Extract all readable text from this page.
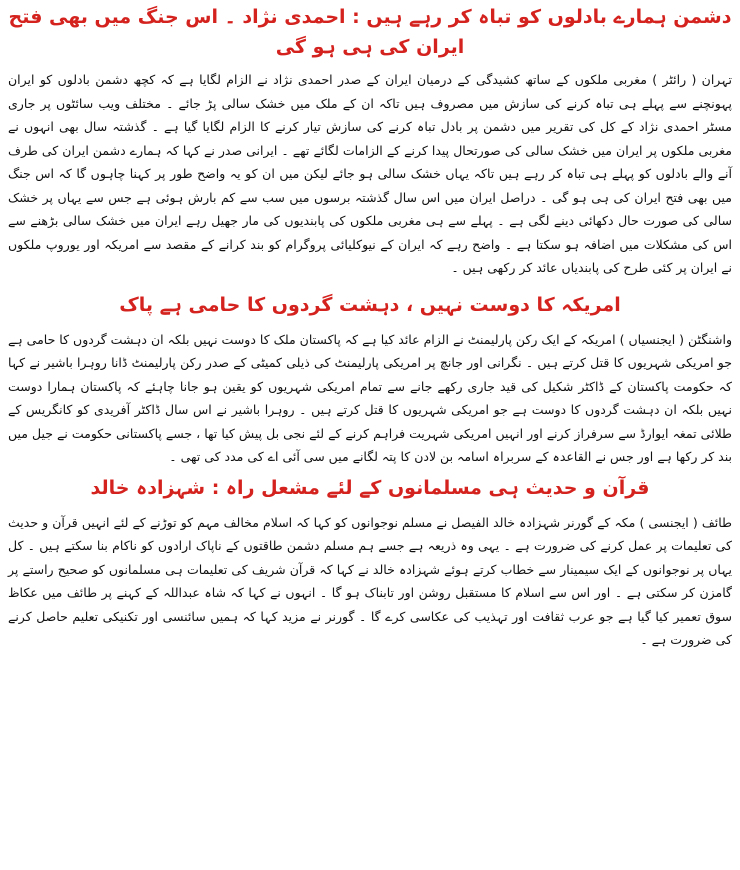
دشمن ہمارے بادلوں کو تباہ کر رہے ہیں : احمدی نژاد ۔ اس جنگ میں بھی فتح ایران کی ہی ہو گی

تہران ( رائٹر ) مغربی ملکوں کے ساتھ کشیدگی کے درمیان ایران کے صدر احمدی نژاد نے الزام لگایا ہے کہ کچھ دشمن بادلوں کو ایران پہونچنے سے پہلے ہی تباہ کرنے کی سازش میں مصروف ہیں تاکہ ان کے ملک میں خشک سالی پڑ جائے ۔ مختلف ویب سائٹوں پر جاری مسٹر احمدی نژاد کے کل کی تقریر میں دشمن پر بادل تباہ کرنے کی سازش تیار کرنے کا الزام لگایا گیا ہے ۔ گذشتہ سال بھی انہوں نے مغربی ملکوں پر ایران میں خشک سالی کی صورتحال پیدا کرنے کے الزامات لگائے تھے ۔ ایرانی صدر نے کہا کہ ہمارے دشمن ایران کی طرف آنے والے بادلوں کو پہلے ہی تباہ کر رہے ہیں تاکہ یہاں خشک سالی ہو جائے لیکن میں ان کو یہ واضح طور پر کہنا چاہوں گا کہ اس جنگ میں بھی فتح ایران کی ہی ہو گی ۔ دراصل ایران میں اس سال گذشتہ برسوں میں سب سے کم بارش ہوئی ہے جس سے یہاں پر خشک سالی کی صورت حال دکھائی دینے لگی ہے ۔ پہلے سے ہی مغربی ملکوں کی پابندیوں کی مار جھیل رہے ایران میں خشک سالی بڑھنے سے اس کی مشکلات میں اضافہ ہو سکتا ہے ۔ واضح رہے کہ ایران کے نیوکلیائی پروگرام کو بند کرانے کے مقصد سے امریکہ اور یوروپ ملکوں نے ایران پر کئی طرح کی پابندیاں عائد کر رکھی ہیں ۔

امریکہ کا دوست نہیں ، دہشت گردوں کا حامی ہے پاک

واشنگٹن ( ایجنسیاں ) امریکہ کے ایک رکن پارلیمنٹ نے الزام عائد کیا ہے کہ پاکستان ملک کا دوست نہیں بلکہ ان دہشت گردوں کا حامی ہے جو امریکی شہریوں کا قتل کرتے ہیں ۔ نگرانی اور جانچ پر امریکی پارلیمنٹ کی ذیلی کمیٹی کے صدر رکن پارلیمنٹ ڈانا روہرا باشیر نے کہا کہ حکومت پاکستان کے ڈاکٹر شکیل کی قید جاری رکھے جانے سے تمام امریکی شہریوں کو یقین ہو جانا چاہئے کہ پاکستان ہمارا دوست نہیں بلکہ ان دہشت گردوں کا دوست ہے جو امریکی شہریوں کا قتل کرتے ہیں ۔ روہرا باشیر نے اس سال ڈاکٹر آفریدی کو کانگریس کے طلائی تمغہ ایوارڈ سے سرفراز کرنے اور انہیں امریکی شہریت فراہم کرنے کے لئے نجی بل پیش کیا تھا ، جسے پاکستانی حکومت نے جیل میں بند کر رکھا ہے اور جس نے القاعدہ کے سربراہ اسامہ بن لادن کا پتہ لگانے میں سی آئی اے کی مدد کی تھی ۔

قرآن و حدیث ہی مسلمانوں کے لئے مشعل راہ : شہزادہ خالد

طائف ( ایجنسی ) مکہ کے گورنر شہزادہ خالد الفیصل نے مسلم نوجوانوں کو کہا کہ اسلام مخالف مہم کو توڑنے کے لئے انہیں قرآن و حدیث کی تعلیمات پر عمل کرنے کی ضرورت ہے ۔ یہی وہ ذریعہ ہے جسے ہم مسلم دشمن طاقتوں کے ناپاک ارادوں کو ناکام بنا سکتے ہیں ۔ کل یہاں پر نوجوانوں کے ایک سیمینار سے خطاب کرتے ہوئے شہزادہ خالد نے کہا کہ قرآن شریف کی تعلیمات ہی مسلمانوں کو صحیح راستے پر گامزن کر سکتی ہے ۔ اور اس سے اسلام کا مستقبل روشن اور تابناک ہو گا ۔ انہوں نے کہا کہ شاہ عبداللہ کے کہنے پر طائف میں عکاظ سوق تعمیر کیا گیا ہے جو عرب ثقافت اور تہذیب کی عکاسی کرے گا ۔ گورنر نے مزید کہا کہ ہمیں سائنسی اور تکنیکی تعلیم حاصل کرنے کی ضرورت ہے ۔
